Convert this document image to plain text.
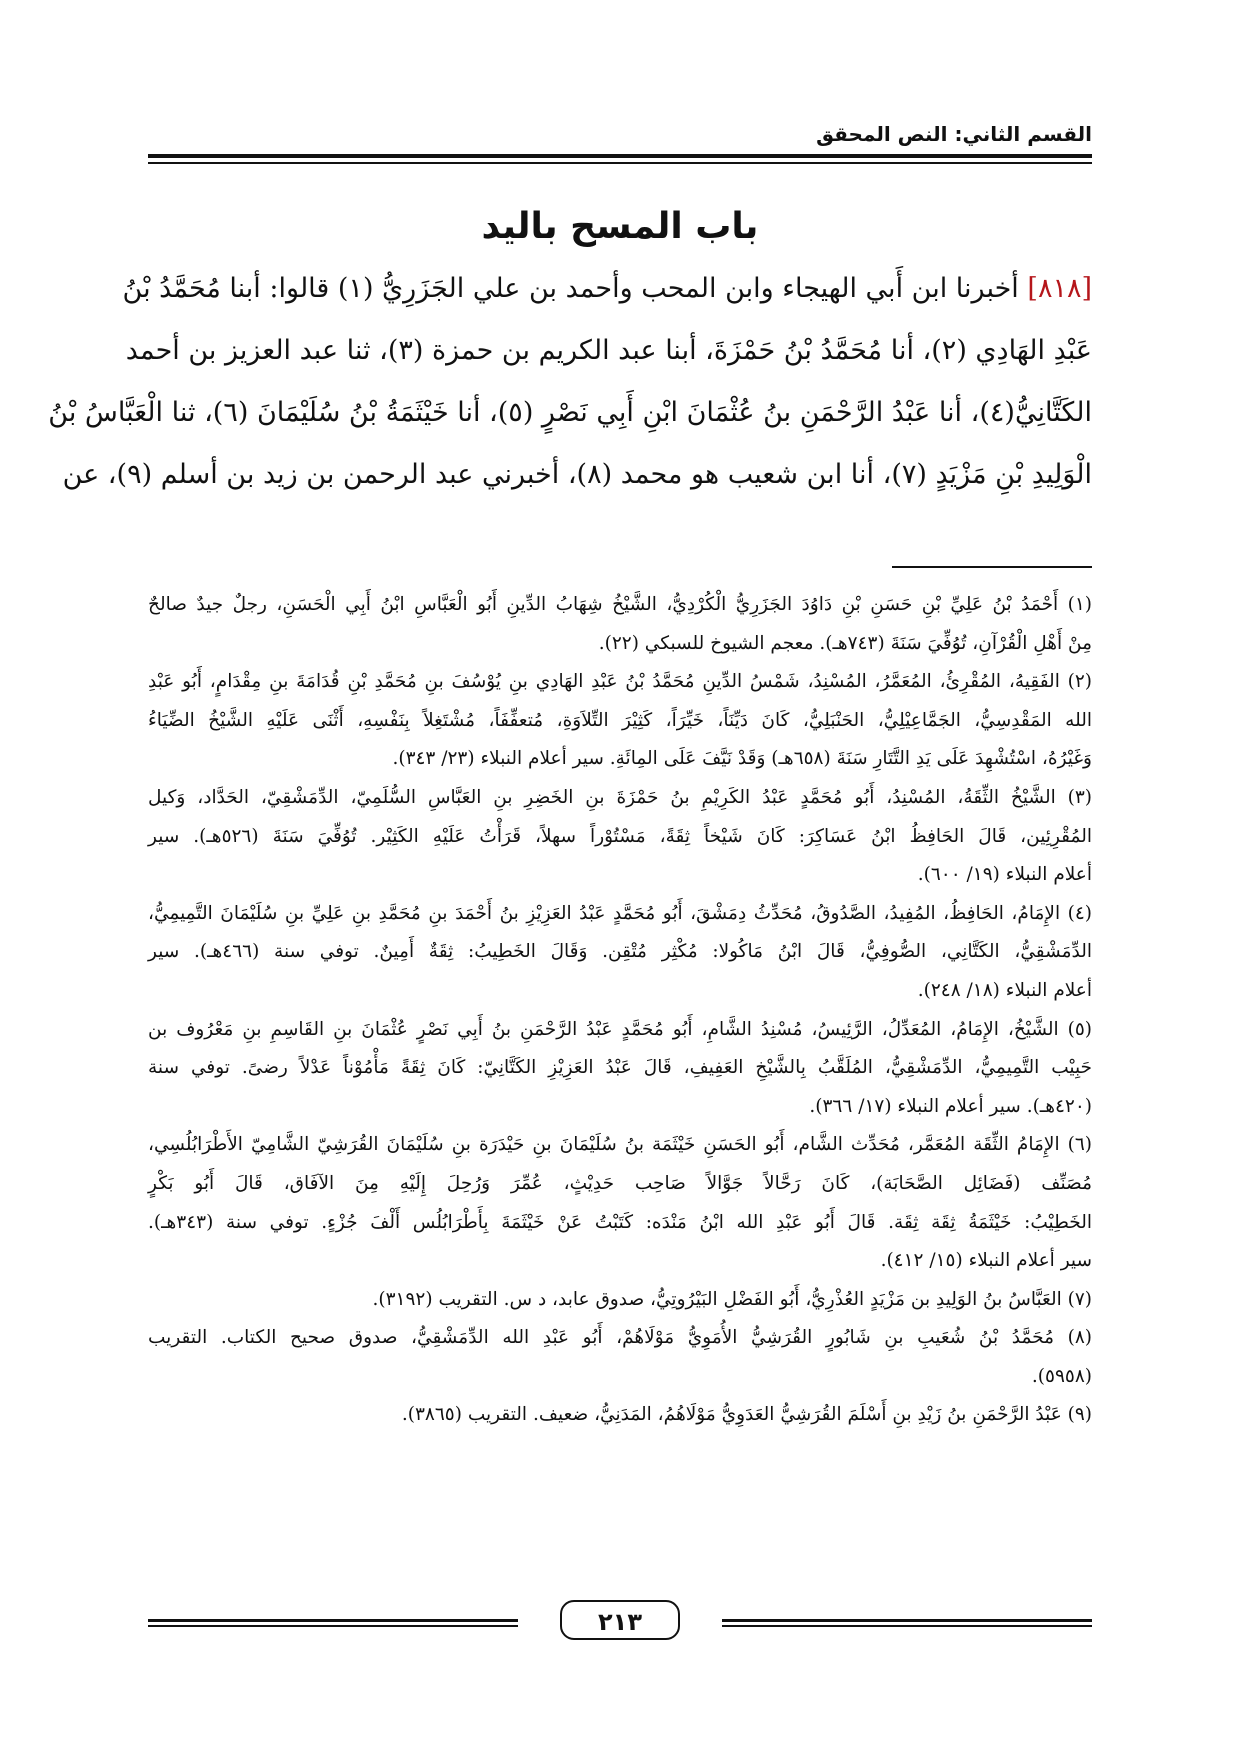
القسم الثاني: النص المحقق
باب المسح باليد
[٨١٨] أخبرنا ابن أَبي الهيجاء وابن المحب وأحمد بن علي الجَزَرِيُّ (١) قالوا: أبنا مُحَمَّدُ بْنُ
عَبْدِ الهَادِي (٢)، أنا مُحَمَّدُ بْنُ حَمْزَةَ، أبنا عبد الكريم بن حمزة (٣)، ثنا عبد العزيز بن أحمد
الكَتَّانِيُّ(٤)، أنا عَبْدُ الرَّحْمَنِ بنُ عُثْمَانَ ابْنِ أَبِي نَصْرٍ (٥)، أنا خَيْثَمَةُ بْنُ سُلَيْمَانَ (٦)، ثنا الْعَبَّاسُ بْنُ
الْوَلِيدِ بْنِ مَزْيَدٍ (٧)، أنا ابن شعيب هو محمد (٨)، أخبرني عبد الرحمن بن زيد بن أسلم (٩)، عن
(١) أَحْمَدُ بْنُ عَلِيِّ بْنِ حَسَنِ بْنِ دَاوُدَ الجَزَرِيُّ الْكُرْدِيُّ، الشَّيْخُ شِهَابُ الدِّينِ أَبُو الْعَبَّاسِ ابْنُ أَبِي الْحَسَنِ، رجلٌ جيدٌ صالحٌ
مِنْ أَهْلِ الْقُرْآنِ، تُوُفِّيَ سَنَةَ (٧٤٣هـ). معجم الشيوخ للسبكي (٢٢).
(٢) الفَقِيهُ، المُقْرِئُ، المُعَمَّرُ، المُسْنِدُ، شَمْسُ الدِّينِ مُحَمَّدُ بْنُ عَبْدِ الهَادِي بنِ يُوْسُفَ بنِ مُحَمَّدِ بْنِ قُدَامَةَ بنِ مِقْدَامٍ، أَبُو عَبْدِ
الله المَقْدِسِيُّ، الجَمَّاعِيْلِيُّ، الحَنْبَلِيُّ، كَانَ دَيِّنَاً، خَيِّرَاً، كَثِيْرَ التِّلاَوَةِ، مُتعفِّفَاً، مُشْتَغِلاً بِنَفْسِهِ، أَثْنَى عَلَيْهِ الشَّيْخُ الضِّيَاءُ
وَغَيْرُهُ، اسْتُشْهِدَ عَلَى يَدِ التَّتَارِ سَنَةَ (٦٥٨هـ) وَقَدْ نَيَّفَ عَلَى المِائَةِ. سير أعلام النبلاء (٢٣/ ٣٤٣).
(٣) الشَّيْخُ الثِّقَةُ، المُسْنِدُ، أَبُو مُحَمَّدٍ عَبْدُ الكَرِيْمِ بنُ حَمْزَةَ بنِ الخَضِرِ بنِ العَبَّاسِ السُّلَمِيّ، الدِّمَشْقِيّ، الحَدَّاد، وَكيل
المُقْرِئِين، قَالَ الحَافِظُ ابْنُ عَسَاكِرَ: كَانَ شَيْخاً ثِقَةً، مَسْتُوْراً سهلاً، قَرَأْتُ عَلَيْهِ الكَثِيْر. تُوُفِّيَ سَنَةَ (٥٢٦هـ). سير
أعلام النبلاء (١٩/ ٦٠٠).
(٤) الإِمَامُ، الحَافِظُ، المُفِيدُ، الصَّدُوقُ، مُحَدِّثُ دِمَشْقَ، أَبُو مُحَمَّدٍ عَبْدُ العَزِيْزِ بنُ أَحْمَدَ بنِ مُحَمَّدِ بنِ عَلِيِّ بنِ سُلَيْمَانَ التَّمِيمِيُّ،
الدِّمَشْقِيُّ، الكَتَّانِي، الصُّوفِيُّ، قَالَ ابْنُ مَاكُولا: مُكْثِر مُتْقِن. وَقَالَ الخَطِيبُ: ثِقَةٌ أَمِينٌ. توفي سنة (٤٦٦هـ). سير
أعلام النبلاء (١٨/ ٢٤٨).
(٥) الشَّيْخُ، الإِمَامُ، المُعَدِّلُ، الرَّئِيسُ، مُسْنِدُ الشَّامِ، أَبُو مُحَمَّدٍ عَبْدُ الرَّحْمَنِ بنُ أَبِي نَصْرٍ عُثْمَانَ بنِ القَاسِمِ بنِ مَعْرُوف بن
حَبِيْب التَّمِيمِيُّ، الدِّمَشْقِيُّ، المُلَقَّبُ بِالشَّيْخِ العَفِيفِ، قَالَ عَبْدُ العَزِيْزِ الكَتَّانِيّ: كَانَ ثِقَةً مَأْمُوْناً عَدْلاً رضىً. توفي سنة
(٤٢٠هـ). سير أعلام النبلاء (١٧/ ٣٦٦).
(٦) الإِمَامُ الثِّقَة المُعَمَّر، مُحَدِّث الشَّام، أَبُو الحَسَنِ خَيْثَمَة بنُ سُلَيْمَانَ بنِ حَيْدَرَة بنِ سُلَيْمَانَ القُرَشِيّ الشَّامِيّ الأَطْرَابُلُسِي،
مُصَنِّف (فَضَائِل الصَّحَابَة)، كَانَ رَحَّالاً جَوَّالاً صَاحِب حَدِيْثٍ، عُمِّرَ وَرُحِلَ إِلَيْهِ مِنَ الآفَاق، قَالَ أَبُو بَكْرٍ
الخَطِيْبُ: خَيْثَمَةُ ثِقَة ثِقَة. قَالَ أَبُو عَبْدِ الله ابْنُ مَنْدَه: كَتَبْتُ عَنْ خَيْثَمَةَ بِأَطْرَابُلُس أَلْفَ جُزْءٍ. توفي سنة (٣٤٣هـ).
سير أعلام النبلاء (١٥/ ٤١٢).
(٧) العَبَّاسُ بنُ الوَلِيدِ بن مَزْيَدٍ العُذْرِيُّ، أَبُو الفَضْلِ البَيْرُوتِيُّ، صدوق عابد، د س. التقريب (٣١٩٢).
(٨) مُحَمَّدُ بْنُ شُعَيبِ بنِ شَابُورٍ القُرَشِيُّ الأُمَوِيُّ مَوْلَاهُمْ، أَبُو عَبْدِ الله الدِّمَشْقِيُّ، صدوق صحيح الكتاب. التقريب
(٥٩٥٨).
(٩) عَبْدُ الرَّحْمَنِ بنُ زَيْدِ بنِ أَسْلَمَ القُرَشِيُّ العَدَوِيُّ مَوْلَاهُمُ، المَدَنِيُّ، ضعيف. التقريب (٣٨٦٥).
٢١٣
